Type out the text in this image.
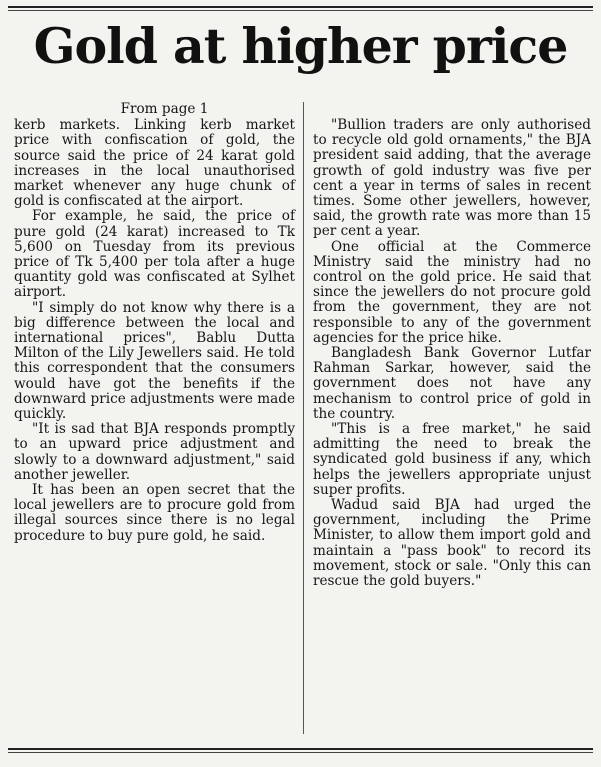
Gold at higher price
From page 1

kerb markets. Linking kerb market price with confiscation of gold, the source said the price of 24 karat gold increases in the local unauthorised market whenever any huge chunk of gold is confiscated at the airport.

For example, he said, the price of pure gold (24 karat) increased to Tk 5,600 on Tuesday from its previous price of Tk 5,400 per tola after a huge quantity gold was confiscated at Sylhet airport.

"I simply do not know why there is a big difference between the local and international prices", Bablu Dutta Milton of the Lily Jewellers said. He told this correspondent that the consumers would have got the benefits if the downward price adjustments were made quickly.

"It is sad that BJA responds promptly to an upward price adjustment and slowly to a downward adjustment," said another jeweller.

It has been an open secret that the local jewellers are to procure gold from illegal sources since there is no legal procedure to buy pure gold, he said.

"Bullion traders are only authorised to recycle old gold ornaments," the BJA president said adding, that the average growth of gold industry was five per cent a year in terms of sales in recent times. Some other jewellers, however, said, the growth rate was more than 15 per cent a year.

One official at the Commerce Ministry said the ministry had no control on the gold price. He said that since the jewellers do not procure gold from the government, they are not responsible to any of the government agencies for the price hike.

Bangladesh Bank Governor Lutfar Rahman Sarkar, however, said the government does not have any mechanism to control price of gold in the country.

"This is a free market," he said admitting the need to break the syndicated gold business if any, which helps the jewellers appropriate unjust super profits.

Wadud said BJA had urged the government, including the Prime Minister, to allow them import gold and maintain a "pass book" to record its movement, stock or sale. "Only this can rescue the gold buyers."
